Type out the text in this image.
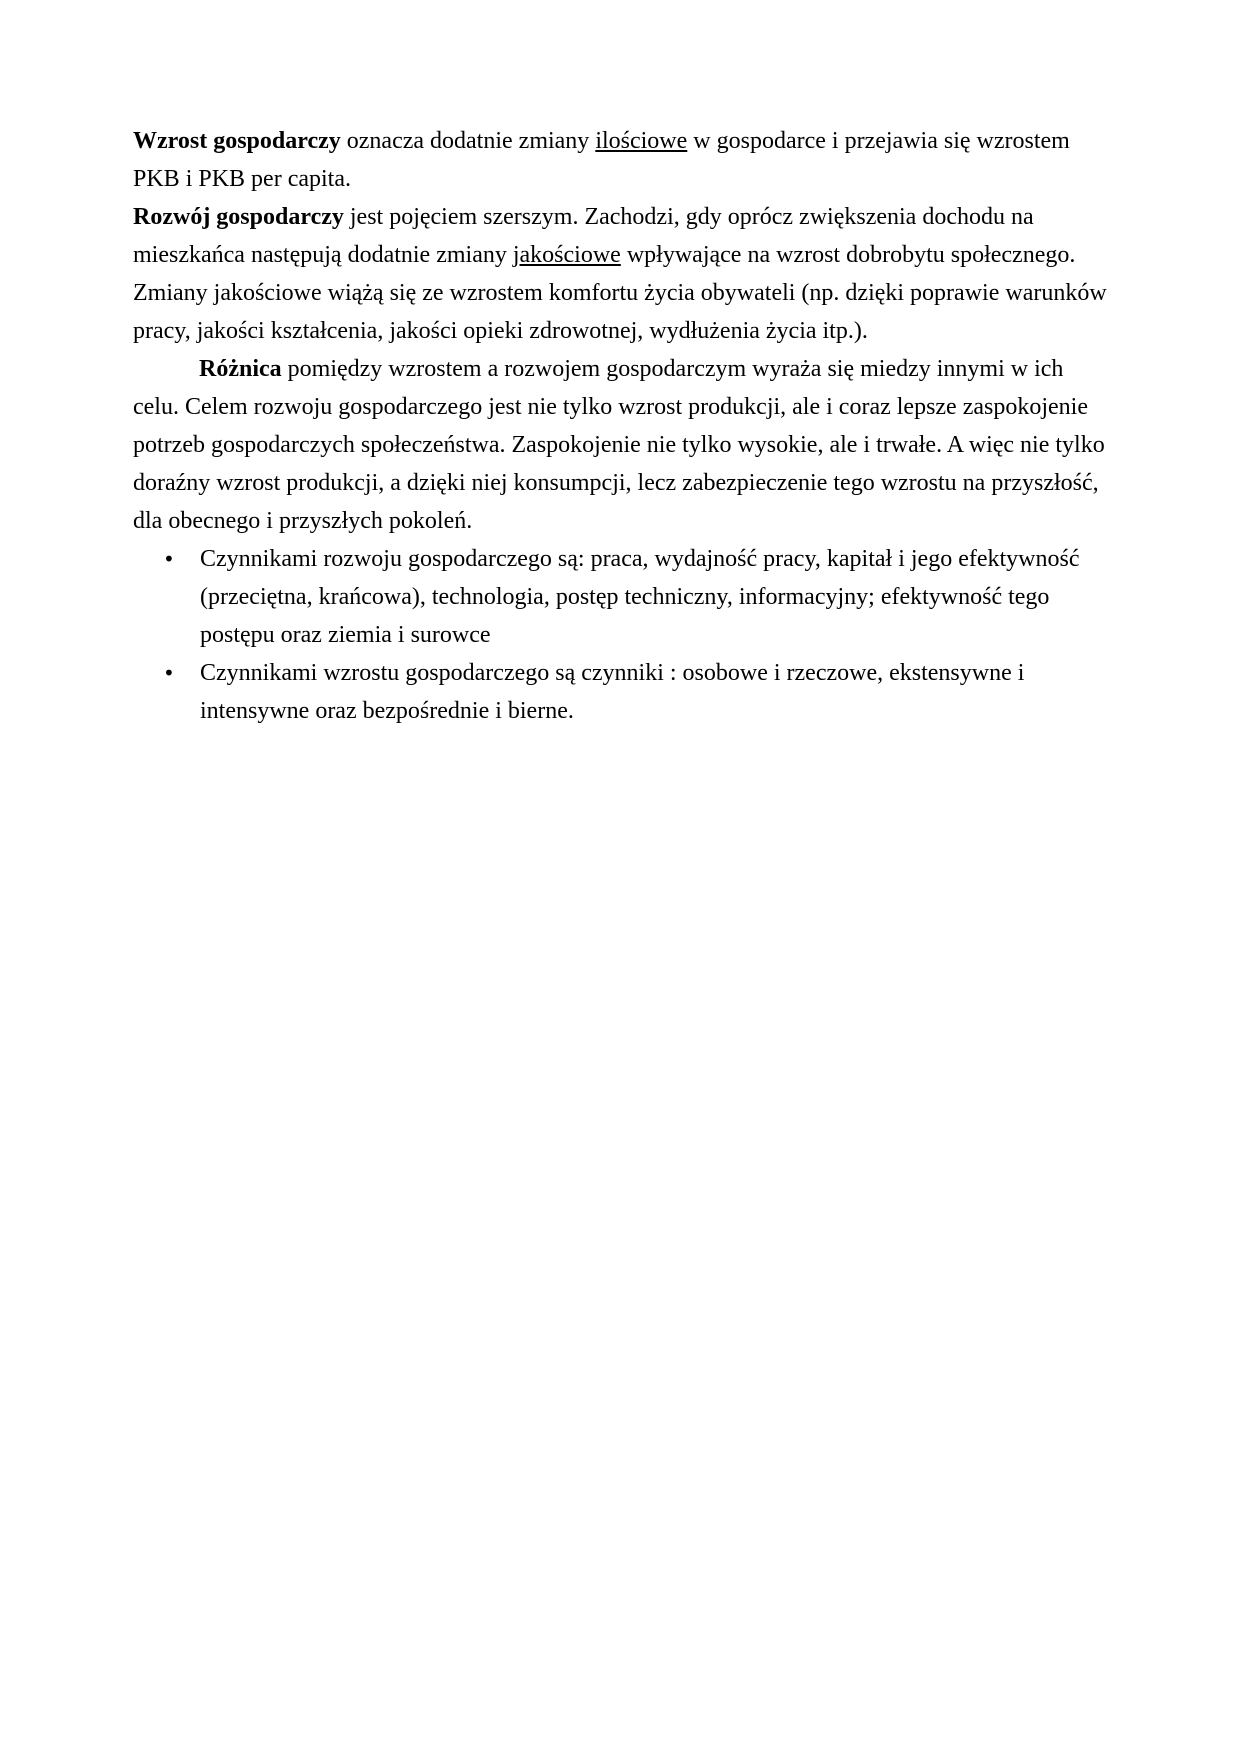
Wzrost gospodarczy oznacza dodatnie zmiany ilościowe w gospodarce i przejawia się wzrostem PKB i PKB per capita.

Rozwój gospodarczy jest pojęciem szerszym. Zachodzi, gdy oprócz zwiększenia dochodu na mieszkańca następują dodatnie zmiany jakościowe wpływające na wzrost dobrobytu społecznego. Zmiany jakościowe wiążą się ze wzrostem komfortu życia obywateli (np. dzięki poprawie warunków pracy, jakości kształcenia, jakości opieki zdrowotnej, wydłużenia życia itp.).

Różnica pomiędzy wzrostem a rozwojem gospodarczym wyraża się miedzy innymi w ich celu. Celem rozwoju gospodarczego jest nie tylko wzrost produkcji, ale i coraz lepsze zaspokojenie potrzeb gospodarczych społeczeństwa. Zaspokojenie nie tylko wysokie, ale i trwałe. A więc nie tylko doraźny wzrost produkcji, a dzięki niej konsumpcji, lecz zabezpieczenie tego wzrostu na przyszłość, dla obecnego i przyszłych pokoleń.

• Czynnikami rozwoju gospodarczego są: praca, wydajność pracy, kapitał i jego efektywność (przeciętna, krańcowa), technologia, postęp techniczny, informacyjny; efektywność tego postępu oraz ziemia i surowce
• Czynnikami wzrostu gospodarczego są czynniki : osobowe i rzeczowe, ekstensywne i intensywne oraz bezpośrednie i bierne.
